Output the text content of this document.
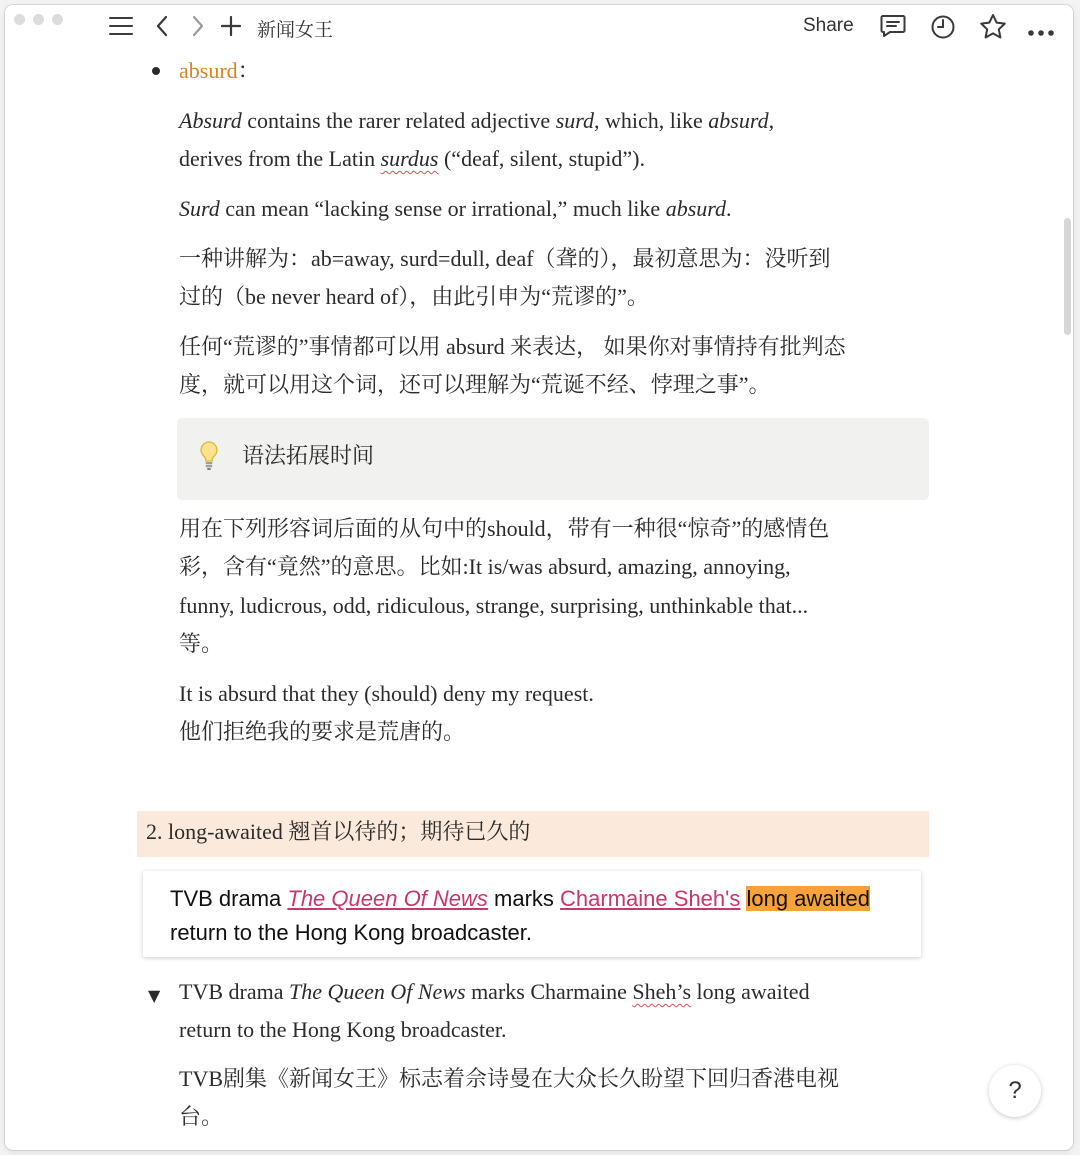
新闻女王	Share
absurd：
Absurd contains the rarer related adjective surd, which, like absurd,
derives from the Latin surdus (“deaf, silent, stupid”).
Surd can mean “lacking sense or irrational,” much like absurd.
一种讲解为：ab=away, surd=dull, deaf（聋的），最初意思为：没听到
过的（be never heard of），由此引申为“荒谬的”。
任何“荒谬的”事情都可以用 absurd 来表达， 如果你对事情持有批判态
度，就可以用这个词，还可以理解为“荒诞不经、悖理之事”。
语法拓展时间
用在下列形容词后面的从句中的should，带有一种很“惊奇”的感情色
彩，含有“竟然”的意思。比如:It is/was absurd, amazing, annoying,
funny, ludicrous, odd, ridiculous, strange, surprising, unthinkable that...
等。
It is absurd that they (should) deny my request.
他们拒绝我的要求是荒唐的。
2. long-awaited 翘首以待的；期待已久的
TVB drama The Queen Of News marks Charmaine Sheh's long awaited
return to the Hong Kong broadcaster.
▼ TVB drama The Queen Of News marks Charmaine Sheh’s long awaited
return to the Hong Kong broadcaster.
TVB剧集《新闻女王》标志着佘诗曼在大众长久盼望下回归香港电视
台。
?
